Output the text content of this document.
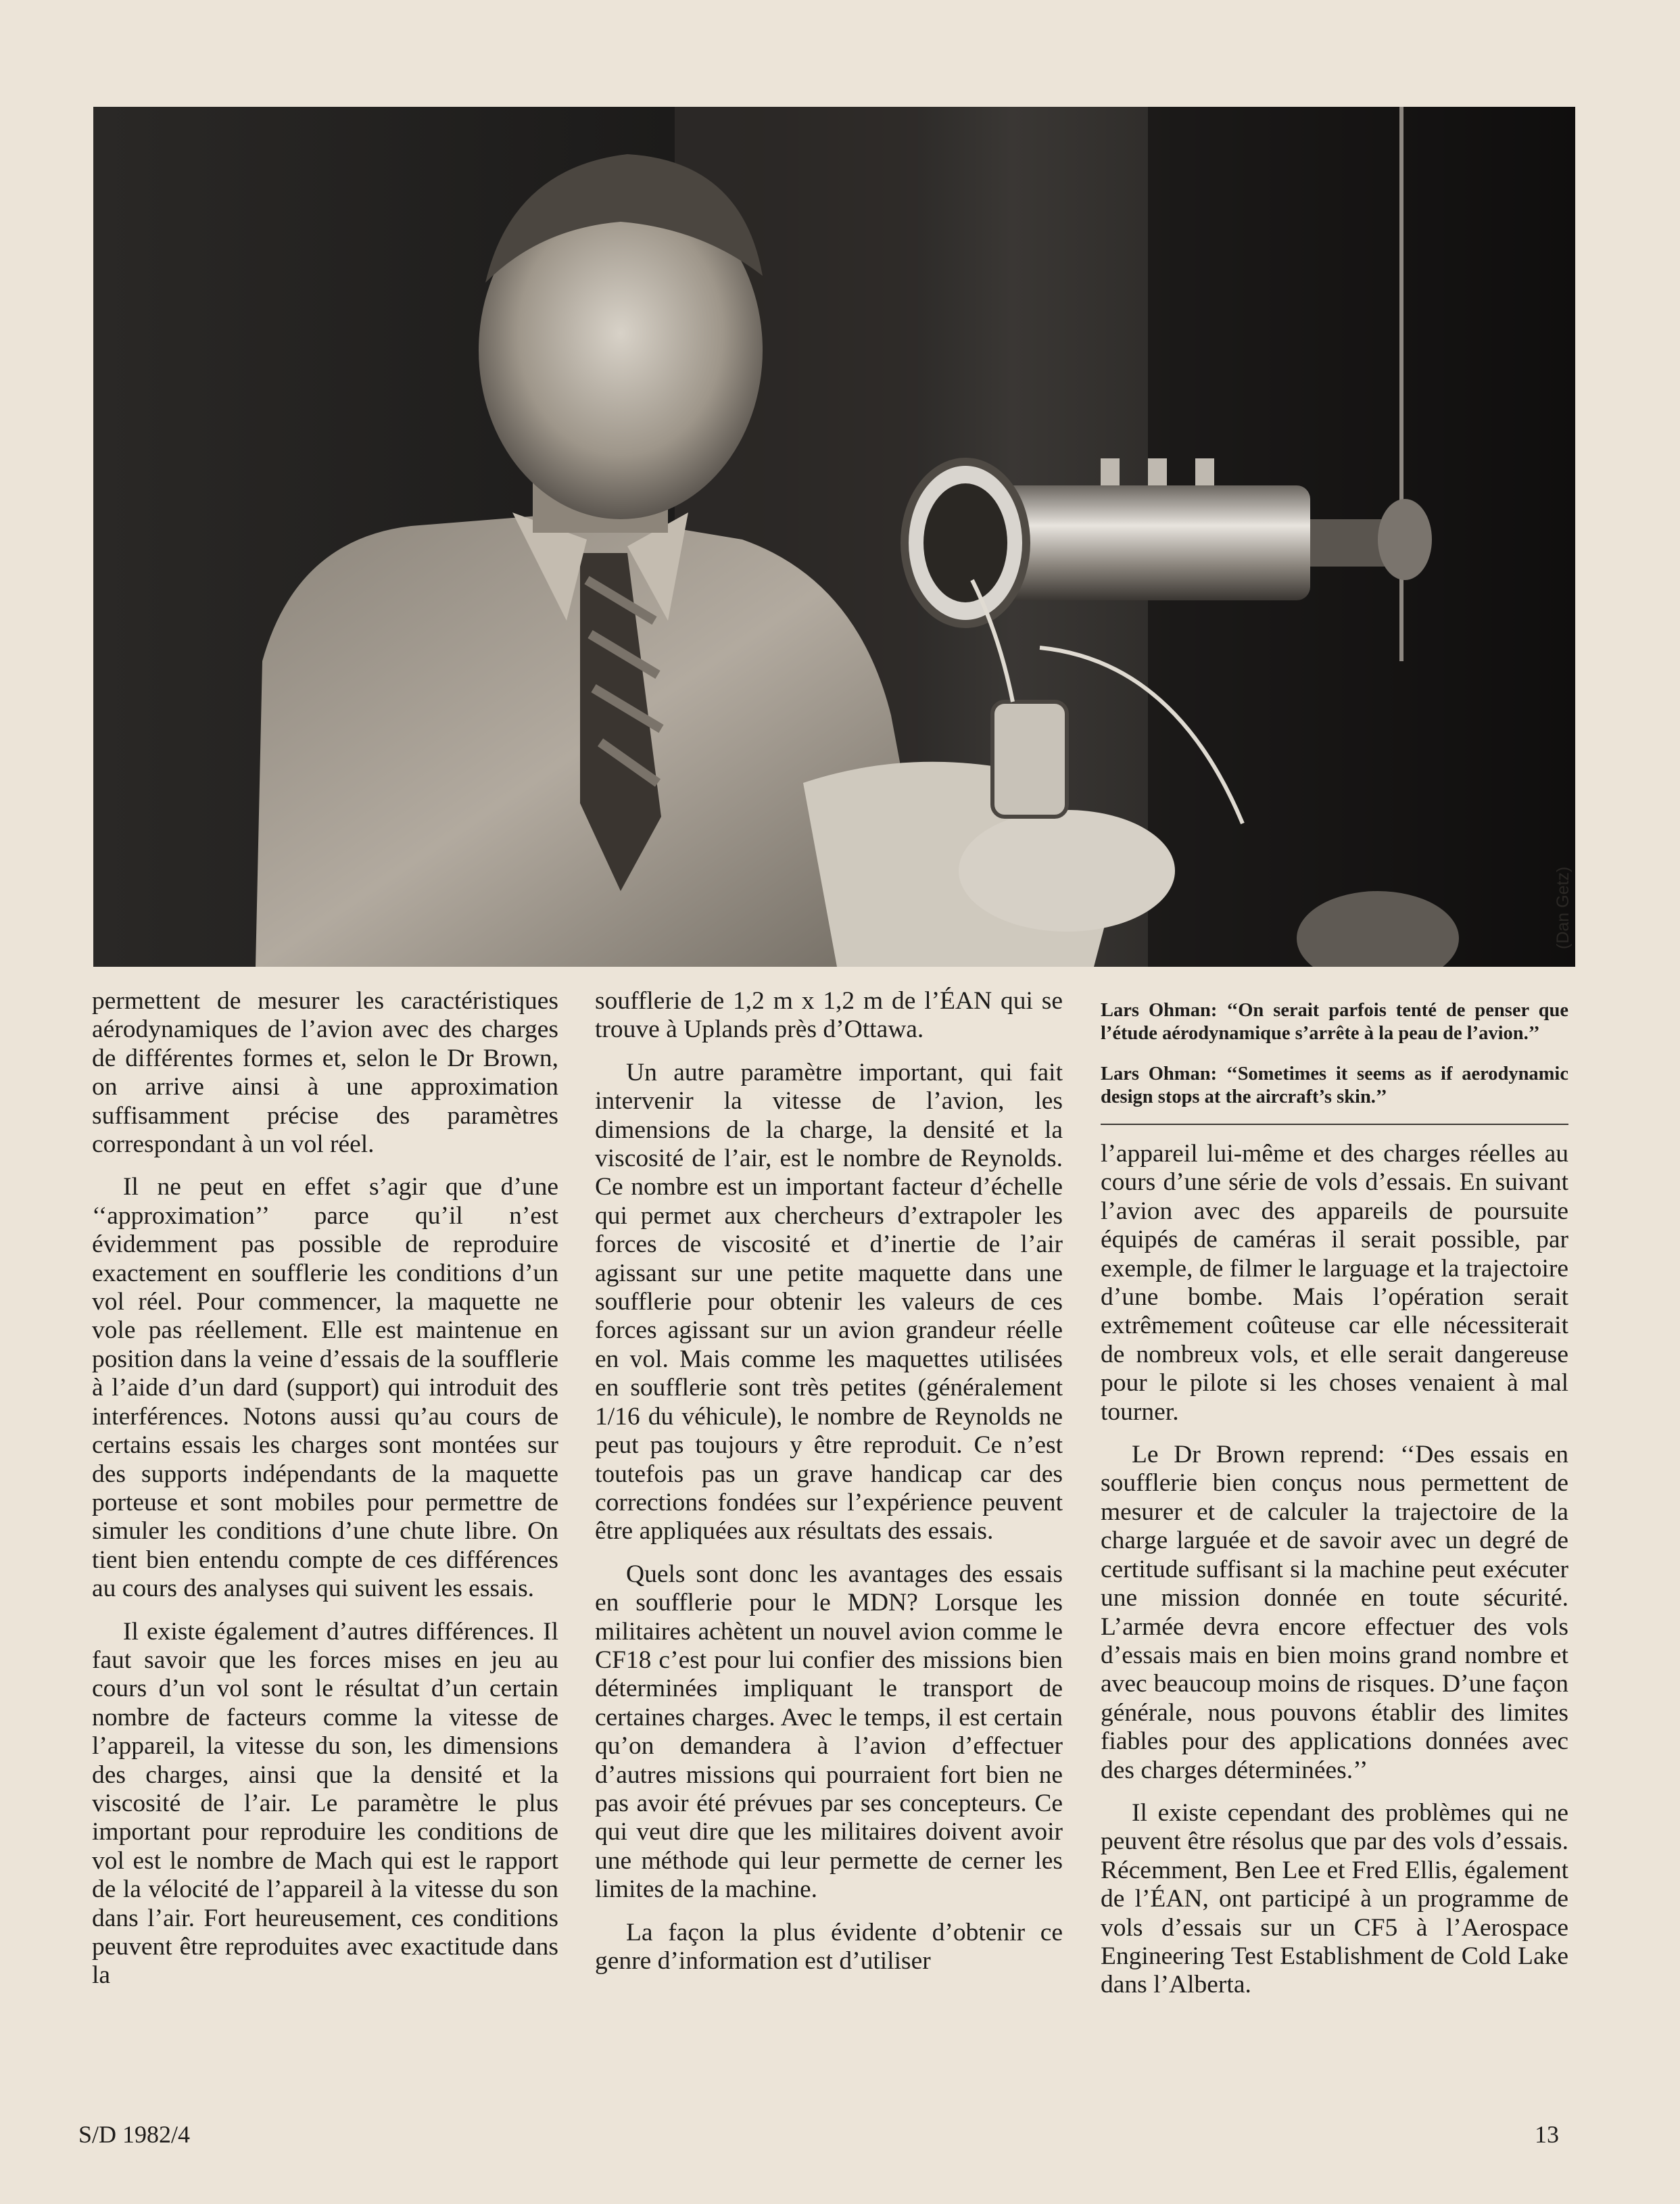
(Dan Getz)

permettent de mesurer les caractéristiques aérodynamiques de l’avion avec des charges de différentes formes et, selon le Dr Brown, on arrive ainsi à une approximation suffisamment précise des paramètres correspondant à un vol réel.

Il ne peut en effet s’agir que d’une ‘‘approximation’’ parce qu’il n’est évidemment pas possible de reproduire exactement en soufflerie les conditions d’un vol réel. Pour commencer, la maquette ne vole pas réellement. Elle est maintenue en position dans la veine d’essais de la soufflerie à l’aide d’un dard (support) qui introduit des interférences. Notons aussi qu’au cours de certains essais les charges sont montées sur des supports indépendants de la maquette porteuse et sont mobiles pour permettre de simuler les conditions d’une chute libre. On tient bien entendu compte de ces différences au cours des analyses qui suivent les essais.

Il existe également d’autres différences. Il faut savoir que les forces mises en jeu au cours d’un vol sont le résultat d’un certain nombre de facteurs comme la vitesse de l’appareil, la vitesse du son, les dimensions des charges, ainsi que la densité et la viscosité de l’air. Le paramètre le plus important pour reproduire les conditions de vol est le nombre de Mach qui est le rapport de la vélocité de l’appareil à la vitesse du son dans l’air. Fort heureusement, ces conditions peuvent être reproduites avec exactitude dans la

soufflerie de 1,2 m x 1,2 m de l’ÉAN qui se trouve à Uplands près d’Ottawa.

Un autre paramètre important, qui fait intervenir la vitesse de l’avion, les dimensions de la charge, la densité et la viscosité de l’air, est le nombre de Reynolds. Ce nombre est un important facteur d’échelle qui permet aux chercheurs d’extrapoler les forces de viscosité et d’inertie de l’air agissant sur une petite maquette dans une soufflerie pour obtenir les valeurs de ces forces agissant sur un avion grandeur réelle en vol. Mais comme les maquettes utilisées en soufflerie sont très petites (généralement 1/16 du véhicule), le nombre de Reynolds ne peut pas toujours y être reproduit. Ce n’est toutefois pas un grave handicap car des corrections fondées sur l’expérience peuvent être appliquées aux résultats des essais.

Quels sont donc les avantages des essais en soufflerie pour le MDN? Lorsque les militaires achètent un nouvel avion comme le CF18 c’est pour lui confier des missions bien déterminées impliquant le transport de certaines charges. Avec le temps, il est certain qu’on demandera à l’avion d’effectuer d’autres missions qui pourraient fort bien ne pas avoir été prévues par ses concepteurs. Ce qui veut dire que les militaires doivent avoir une méthode qui leur permette de cerner les limites de la machine.

La façon la plus évidente d’obtenir ce genre d’information est d’utiliser

Lars Ohman: ‘‘On serait parfois tenté de penser que l’étude aérodynamique s’arrête à la peau de l’avion.’’
Lars Ohman: ‘‘Sometimes it seems as if aerodynamic design stops at the aircraft’s skin.’’

l’appareil lui-même et des charges réelles au cours d’une série de vols d’essais. En suivant l’avion avec des appareils de poursuite équipés de caméras il serait possible, par exemple, de filmer le larguage et la trajectoire d’une bombe. Mais l’opération serait extrêmement coûteuse car elle nécessiterait de nombreux vols, et elle serait dangereuse pour le pilote si les choses venaient à mal tourner.

Le Dr Brown reprend: ‘‘Des essais en soufflerie bien conçus nous permettent de mesurer et de calculer la trajectoire de la charge larguée et de savoir avec un degré de certitude suffisant si la machine peut exécuter une mission donnée en toute sécurité. L’armée devra encore effectuer des vols d’essais mais en bien moins grand nombre et avec beaucoup moins de risques. D’une façon générale, nous pouvons établir des limites fiables pour des applications données avec des charges déterminées.’’

Il existe cependant des problèmes qui ne peuvent être résolus que par des vols d’essais. Récemment, Ben Lee et Fred Ellis, également de l’ÉAN, ont participé à un programme de vols d’essais sur un CF5 à l’Aerospace Engineering Test Establishment de Cold Lake dans l’Alberta.

S/D 1982/4	13
